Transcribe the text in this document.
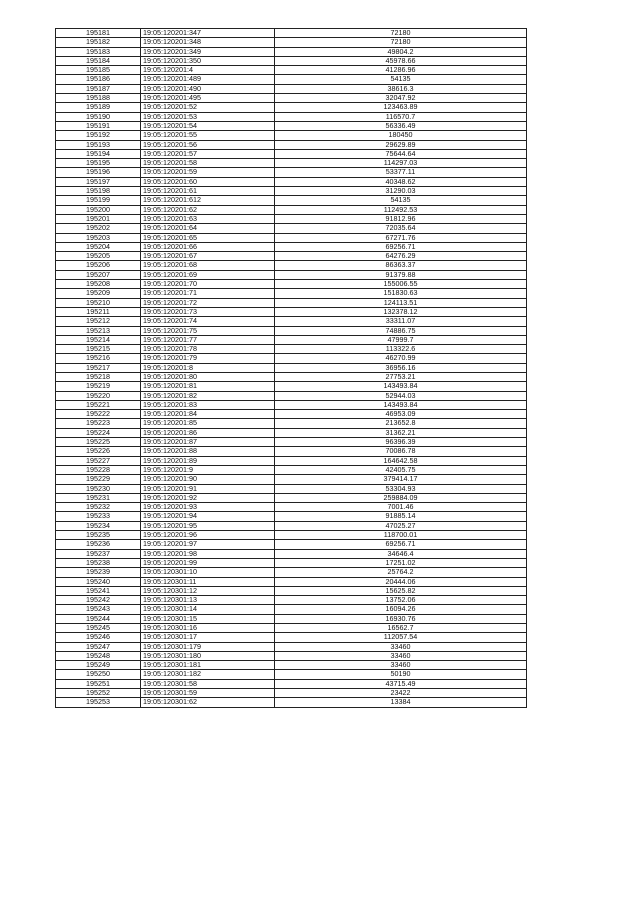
195181	19:05:120201:347	72180
195182	19:05:120201:348	72180
195183	19:05:120201:349	49804.2
195184	19:05:120201:350	45978.66
195185	19:05:120201:4	41286.96
195186	19:05:120201:489	54135
195187	19:05:120201:490	38616.3
195188	19:05:120201:495	32047.92
195189	19:05:120201:52	123463.89
195190	19:05:120201:53	116570.7
195191	19:05:120201:54	56336.49
195192	19:05:120201:55	180450
195193	19:05:120201:56	29629.89
195194	19:05:120201:57	75644.64
195195	19:05:120201:58	114297.03
195196	19:05:120201:59	53377.11
195197	19:05:120201:60	40348.62
195198	19:05:120201:61	31290.03
195199	19:05:120201:612	54135
195200	19:05:120201:62	112492.53
195201	19:05:120201:63	91812.96
195202	19:05:120201:64	72035.64
195203	19:05:120201:65	67271.76
195204	19:05:120201:66	69256.71
195205	19:05:120201:67	64276.29
195206	19:05:120201:68	86363.37
195207	19:05:120201:69	91379.88
195208	19:05:120201:70	155006.55
195209	19:05:120201:71	151830.63
195210	19:05:120201:72	124113.51
195211	19:05:120201:73	132378.12
195212	19:05:120201:74	33311.07
195213	19:05:120201:75	74886.75
195214	19:05:120201:77	47999.7
195215	19:05:120201:78	113322.6
195216	19:05:120201:79	46270.99
195217	19:05:120201:8	36956.16
195218	19:05:120201:80	27753.21
195219	19:05:120201:81	143493.84
195220	19:05:120201:82	52944.03
195221	19:05:120201:83	143493.84
195222	19:05:120201:84	46953.09
195223	19:05:120201:85	213652.8
195224	19:05:120201:86	31362.21
195225	19:05:120201:87	96396.39
195226	19:05:120201:88	70086.78
195227	19:05:120201:89	164642.58
195228	19:05:120201:9	42405.75
195229	19:05:120201:90	379414.17
195230	19:05:120201:91	53304.93
195231	19:05:120201:92	259884.09
195232	19:05:120201:93	7001.46
195233	19:05:120201:94	91885.14
195234	19:05:120201:95	47025.27
195235	19:05:120201:96	118700.01
195236	19:05:120201:97	69256.71
195237	19:05:120201:98	34646.4
195238	19:05:120201:99	17251.02
195239	19:05:120301:10	25764.2
195240	19:05:120301:11	20444.06
195241	19:05:120301:12	15625.82
195242	19:05:120301:13	13752.06
195243	19:05:120301:14	16094.26
195244	19:05:120301:15	16930.76
195245	19:05:120301:16	16562.7
195246	19:05:120301:17	112057.54
195247	19:05:120301:179	33460
195248	19:05:120301:180	33460
195249	19:05:120301:181	33460
195250	19:05:120301:182	50190
195251	19:05:120301:58	43715.49
195252	19:05:120301:59	23422
195253	19:05:120301:62	13384
